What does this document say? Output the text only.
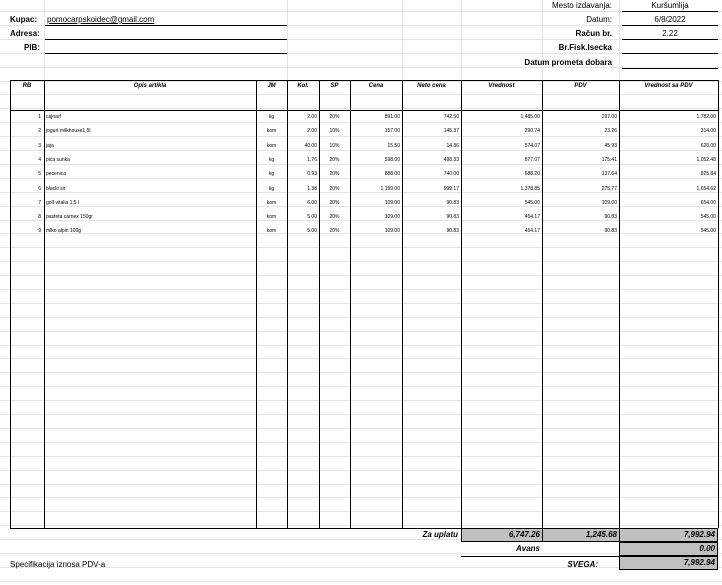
Mesto izdavanja:	Kuršumlija
Kupac: pomocarpskoidec@gmail.com	Datum:	6/8/2022
Adresa:	Račun br.	2.22
PIB:	Br.Fisk.Isecka
Datum prometa dobara
RB	Opis artikla	JM	Kol.	SP	Cena	Neto cena	Vrednost	PDV	Vrednost sa PDV
1 cajnarf	kg	2.00	20%	891.00	742.50	1,485.00	297.00	1,782.00
2 jogurt milkhouse1,5l	kom	2.00	10%	157.00	145.37	290.74	23.26	314.00
3 jaja	kom	40.00	10%	15.50	14.36	574.07	45.93	620.00
4 pica sunka	kg	1.76	20%	598.00	498.33	877.07	175.41	1,052.48
5 pecenica	kg	0.93	20%	888.00	740.00	688.20	137.64	825.84
6 blacki sir	kg	1.38	20%	1,199.00	999.17	1,378.85	275.77	1,654.62
7 golf vitalia 1,5 l	kom	6.00	20%	109.00	90.83	545.00	109.00	654.00
8 pasteta carnex 150gr	kom	5.00	20%	109.00	90.83	454.17	90.83	545.00
9 mlko alpin 100g	kom	5.00	20%	109.00	90.83	454.17	90.83	545.00
Za uplatu	6,747.26	1,245.68	7,992.94
Avans	0.00
Specifikacija iznosa PDV-a	SVEGA:	7,992.94
